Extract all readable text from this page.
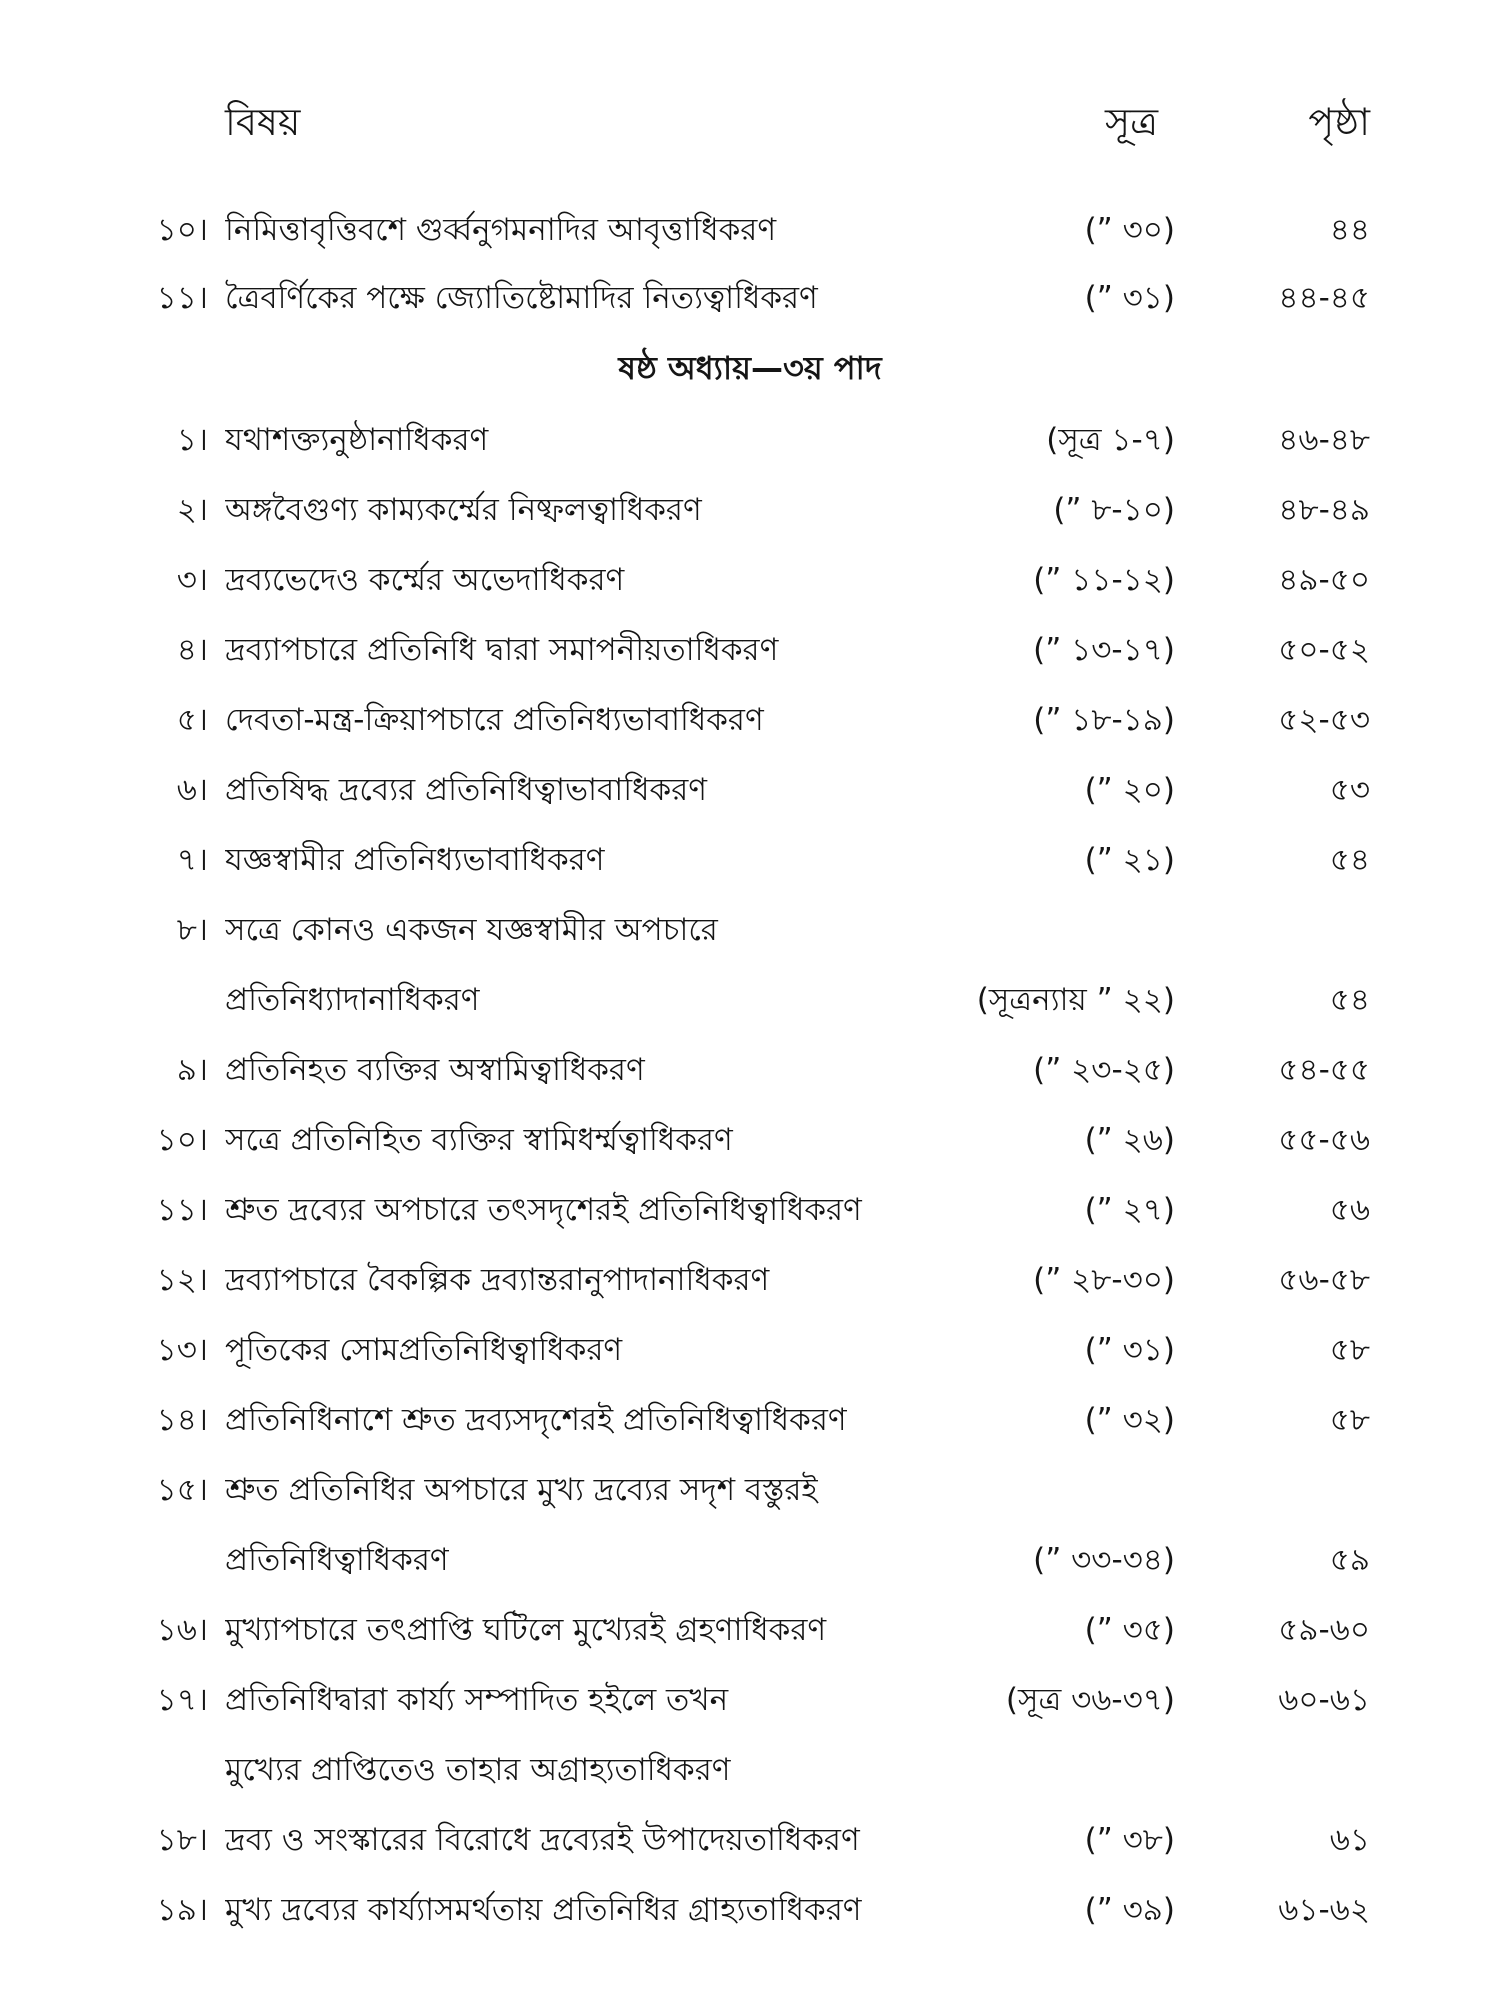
বিষয়	সূত্র	পৃষ্ঠা
১০। নিমিত্তাবৃত্তিবশে গুর্ব্বনুগমনাদির আবৃত্তাধিকরণ	(” ৩০)	৪৪
১১। ত্রৈবর্ণিকের পক্ষে জ্যোতিষ্টোমাদির নিত্যত্বাধিকরণ	(” ৩১)	৪৪-৪৫
ষষ্ঠ অধ্যায়—৩য় পাদ
১। যথাশক্ত্যনুষ্ঠানাধিকরণ	(সূত্র ১-৭)	৪৬-৪৮
২। অঙ্গবৈগুণ্য কাম্যকর্ম্মের নিষ্ফলত্বাধিকরণ	(” ৮-১০)	৪৮-৪৯
৩। দ্রব্যভেদেও কর্ম্মের অভেদাধিকরণ	(” ১১-১২)	৪৯-৫০
৪। দ্রব্যাপচারে প্রতিনিধি দ্বারা সমাপনীয়তাধিকরণ	(” ১৩-১৭)	৫০-৫২
৫। দেবতা-মন্ত্র-ক্রিয়াপচারে প্রতিনিধ্যভাবাধিকরণ	(” ১৮-১৯)	৫২-৫৩
৬। প্রতিষিদ্ধ দ্রব্যের প্রতিনিধিত্বাভাবাধিকরণ	(” ২০)	৫৩
৭। যজ্ঞস্বামীর প্রতিনিধ্যভাবাধিকরণ	(” ২১)	৫৪
৮। সত্রে কোনও একজন যজ্ঞস্বামীর অপচারে
প্রতিনিধ্যাদানাধিকরণ	(সূত্রন্যায় ” ২২)	৫৪
৯। প্রতিনিহত ব্যক্তির অস্বামিত্বাধিকরণ	(” ২৩-২৫)	৫৪-৫৫
১০। সত্রে প্রতিনিহিত ব্যক্তির স্বামিধর্ম্মত্বাধিকরণ	(” ২৬)	৫৫-৫৬
১১। শ্রুত দ্রব্যের অপচারে তৎসদৃশেরই প্রতিনিধিত্বাধিকরণ	(” ২৭)	৫৬
১২। দ্রব্যাপচারে বৈকল্পিক দ্রব্যান্তরানুপাদানাধিকরণ	(” ২৮-৩০)	৫৬-৫৮
১৩। পূতিকের সোমপ্রতিনিধিত্বাধিকরণ	(” ৩১)	৫৮
১৪। প্রতিনিধিনাশে শ্রুত দ্রব্যসদৃশেরই প্রতিনিধিত্বাধিকরণ	(” ৩২)	৫৮
১৫। শ্রুত প্রতিনিধির অপচারে মুখ্য দ্রব্যের সদৃশ বস্তুরই
প্রতিনিধিত্বাধিকরণ	(” ৩৩-৩৪)	৫৯
১৬। মুখ্যাপচারে তৎপ্রাপ্তি ঘটিলে মুখ্যেরই গ্রহণাধিকরণ	(” ৩৫)	৫৯-৬০
১৭। প্রতিনিধিদ্বারা কার্য্য সম্পাদিত হইলে তখন	(সূত্র ৩৬-৩৭)	৬০-৬১
মুখ্যের প্রাপ্তিতেও তাহার অগ্রাহ্যতাধিকরণ
১৮। দ্রব্য ও সংস্কারের বিরোধে দ্রব্যেরই উপাদেয়তাধিকরণ	(” ৩৮)	৬১
১৯। মুখ্য দ্রব্যের কার্য্যাসমর্থতায় প্রতিনিধির গ্রাহ্যতাধিকরণ	(” ৩৯)	৬১-৬২
